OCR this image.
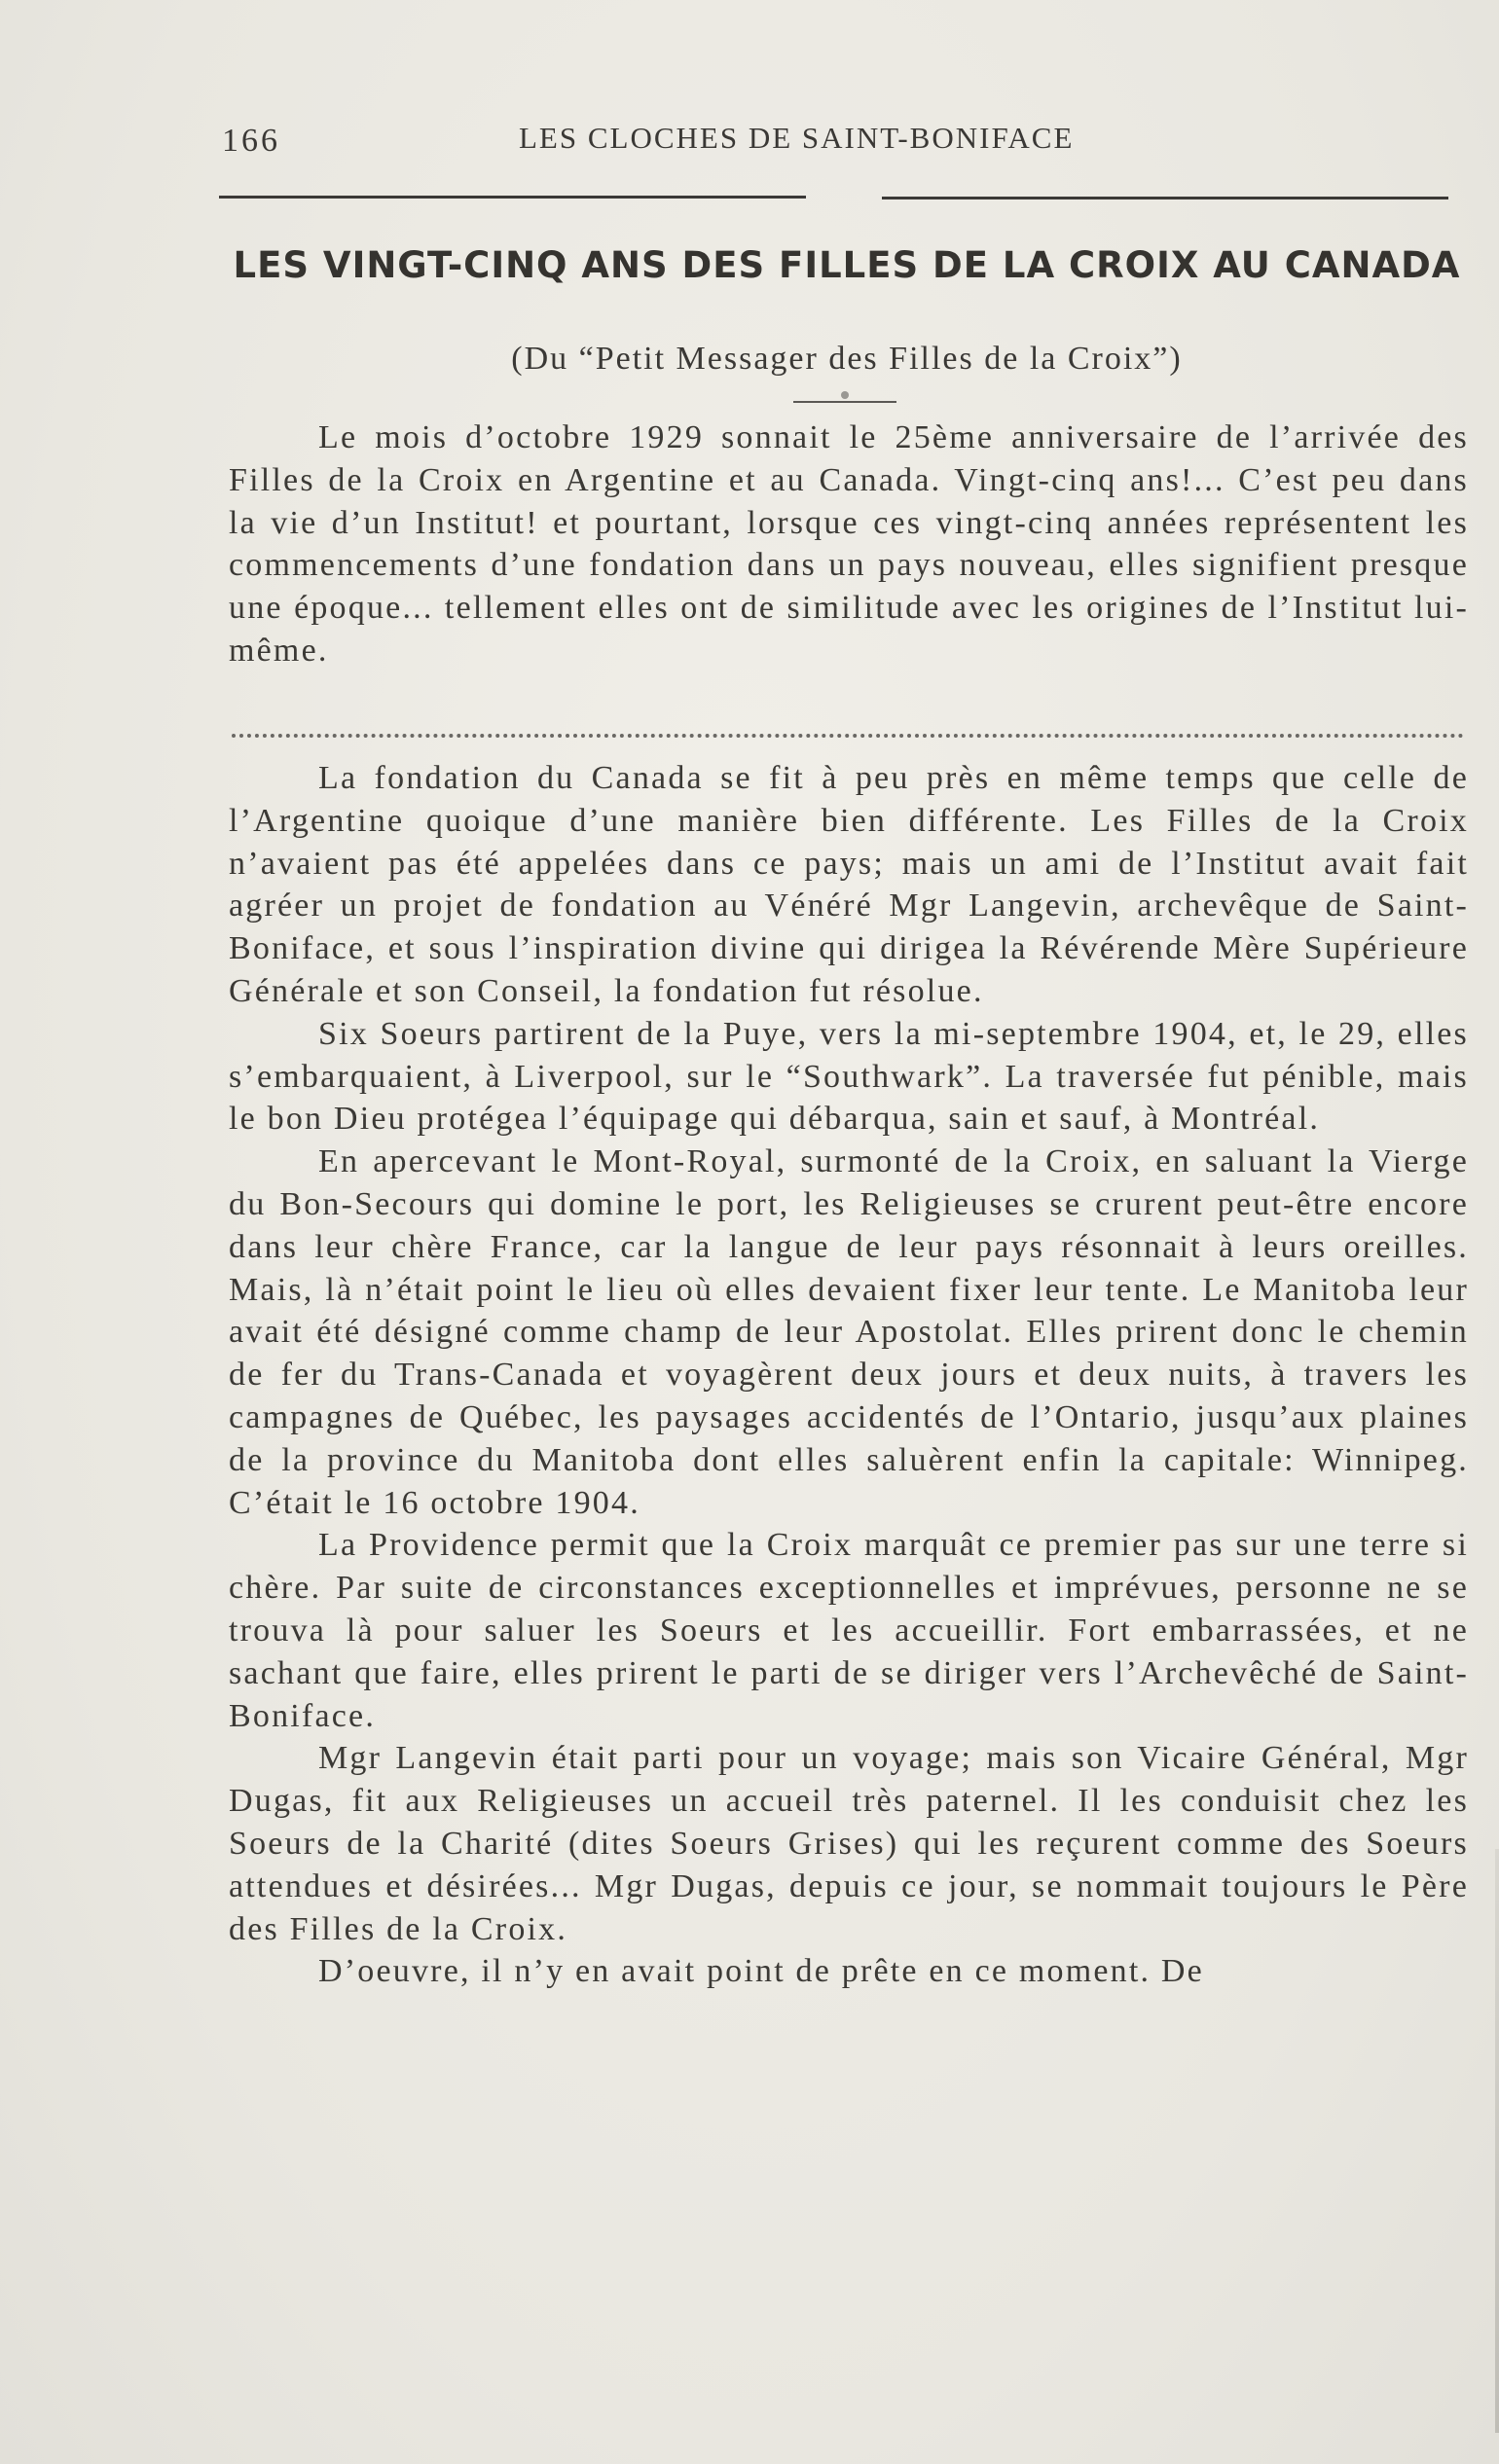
166	LES CLOCHES DE SAINT-BONIFACE
LES VINGT-CINQ ANS DES FILLES DE LA CROIX AU CANADA
(Du “Petit Messager des Filles de la Croix”)

Le mois d’octobre 1929 sonnait le 25ème anniversaire de l’arrivée des Filles de la Croix en Argentine et au Canada. Vingt-cinq ans!... C’est peu dans la vie d’un Institut! et pourtant, lorsque ces vingt-cinq années représentent les commencements d’une fondation dans un pays nouveau, elles signifient presque une époque... tellement elles ont de similitude avec les origines de l’Institut lui-même.

La fondation du Canada se fit à peu près en même temps que celle de l’Argentine quoique d’une manière bien différente. Les Filles de la Croix n’avaient pas été appelées dans ce pays; mais un ami de l’Institut avait fait agréer un projet de fondation au Vénéré Mgr Langevin, archevêque de Saint-Boniface, et sous l’inspiration divine qui dirigea la Révérende Mère Supérieure Générale et son Conseil, la fondation fut résolue.

Six Soeurs partirent de la Puye, vers la mi-septembre 1904, et, le 29, elles s’embarquaient, à Liverpool, sur le “Southwark”. La traversée fut pénible, mais le bon Dieu protégea l’équipage qui débarqua, sain et sauf, à Montréal.

En apercevant le Mont-Royal, surmonté de la Croix, en saluant la Vierge du Bon-Secours qui domine le port, les Religieuses se crurent peut-être encore dans leur chère France, car la langue de leur pays résonnait à leurs oreilles. Mais, là n’était point le lieu où elles devaient fixer leur tente. Le Manitoba leur avait été désigné comme champ de leur Apostolat. Elles prirent donc le chemin de fer du Trans-Canada et voyagèrent deux jours et deux nuits, à travers les campagnes de Québec, les paysages accidentés de l’Ontario, jusqu’aux plaines de la province du Manitoba dont elles saluèrent enfin la capitale: Winnipeg. C’était le 16 octobre 1904.

La Providence permit que la Croix marquât ce premier pas sur une terre si chère. Par suite de circonstances exceptionnelles et imprévues, personne ne se trouva là pour saluer les Soeurs et les accueillir. Fort embarrassées, et ne sachant que faire, elles prirent le parti de se diriger vers l’Archevêché de Saint-Boniface.

Mgr Langevin était parti pour un voyage; mais son Vicaire Général, Mgr Dugas, fit aux Religieuses un accueil très paternel. Il les conduisit chez les Soeurs de la Charité (dites Soeurs Grises) qui les reçurent comme des Soeurs attendues et désirées... Mgr Dugas, depuis ce jour, se nommait toujours le Père des Filles de la Croix.

D’oeuvre, il n’y en avait point de prête en ce moment. De
